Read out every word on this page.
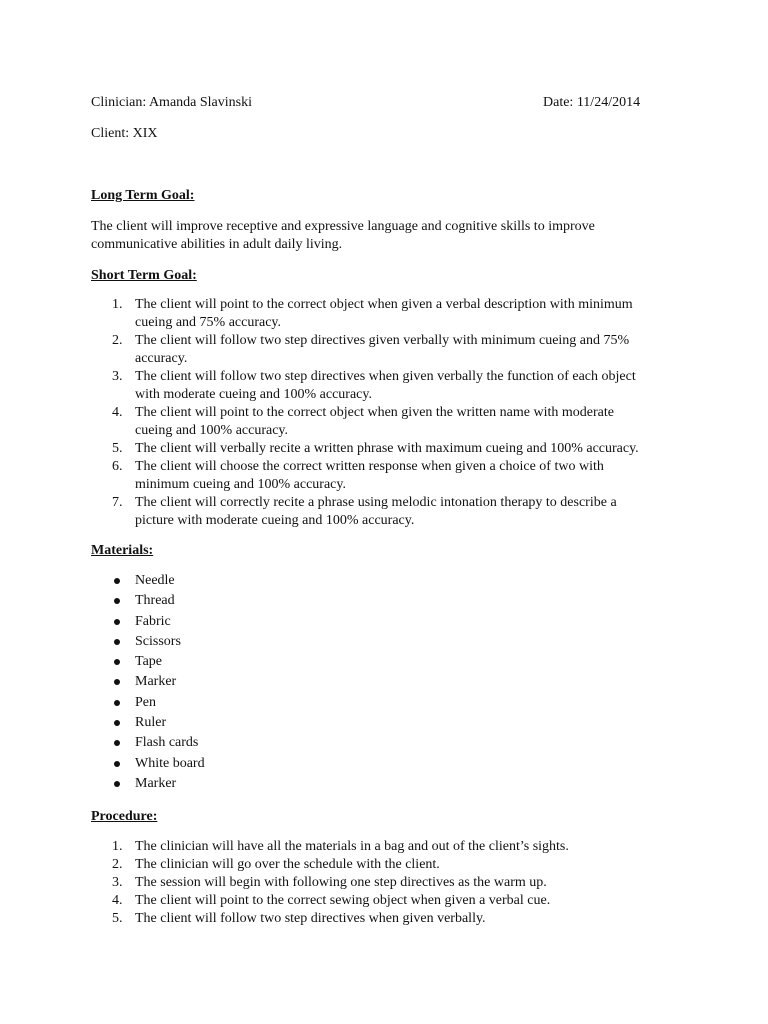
Clinician: Amanda Slavinski	Date: 11/24/2014
Client: XIX
Long Term Goal:
The client will improve receptive and expressive language and cognitive skills to improve
communicative abilities in adult daily living.
Short Term Goal:
1. The client will point to the correct object when given a verbal description with minimum
cueing and 75% accuracy.
2. The client will follow two step directives given verbally with minimum cueing and 75%
accuracy.
3. The client will follow two step directives when given verbally the function of each object
with moderate cueing and 100% accuracy.
4. The client will point to the correct object when given the written name with moderate
cueing and 100% accuracy.
5. The client will verbally recite a written phrase with maximum cueing and 100% accuracy.
6. The client will choose the correct written response when given a choice of two with
minimum cueing and 100% accuracy.
7. The client will correctly recite a phrase using melodic intonation therapy to describe a
picture with moderate cueing and 100% accuracy.
Materials:
Needle
Thread
Fabric
Scissors
Tape
Marker
Pen
Ruler
Flash cards
White board
Marker
Procedure:
1. The clinician will have all the materials in a bag and out of the client’s sights.
2. The clinician will go over the schedule with the client.
3. The session will begin with following one step directives as the warm up.
4. The client will point to the correct sewing object when given a verbal cue.
5. The client will follow two step directives when given verbally.
